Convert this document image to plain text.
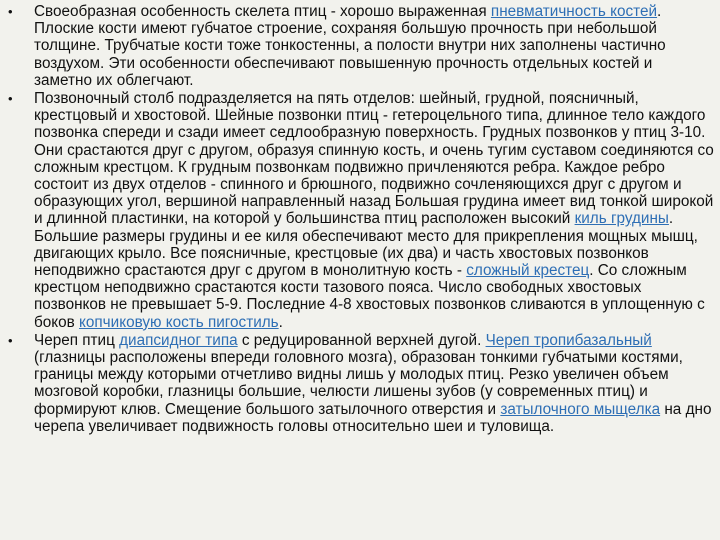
• Своеобразная особенность скелета птиц - хорошо выраженная пневматичность костей. Плоские кости имеют губчатое строение, сохраняя большую прочность при небольшой толщине. Трубчатые кости тоже тонкостенны, а полости внутри них заполнены частично воздухом. Эти особенности обеспечивают повышенную прочность отдельных костей и заметно их облегчают.
• Позвоночный столб подразделяется на пять отделов: шейный, грудной, поясничный, крестцовый и хвостовой. Шейные позвонки птиц - гетероцельного типа, длинное тело каждого позвонка спереди и сзади имеет седлообразную поверхность. Грудных позвонков у птиц 3-10. Они срастаются друг с другом, образуя спинную кость, и очень тугим суставом соединяются со сложным крестцом. К грудным позвонкам подвижно причленяются ребра. Каждое ребро состоит из двух отделов - спинного и брюшного, подвижно сочленяющихся друг с другом и образующих угол, вершиной направленный назад Большая грудина имеет вид тонкой широкой и длинной пластинки, на которой у большинства птиц расположен высокий киль грудины. Большие размеры грудины и ее киля обеспечивают место для прикрепления мощных мышц, двигающих крыло. Все поясничные, крестцовые (их два) и часть хвостовых позвонков неподвижно срастаются друг с другом в монолитную кость - сложный крестец. Со сложным крестцом неподвижно срастаются кости тазового пояса. Число свободных хвостовых позвонков не превышает 5-9. Последние 4-8 хвостовых позвонков сливаются в уплощенную с боков копчиковую кость пигостиль.
• Череп птиц диапсидног типа с редуцированной верхней дугой. Череп тропибазальный (глазницы расположены впереди головного мозга), образован тонкими губчатыми костями, границы между которыми отчетливо видны лишь у молодых птиц. Резко увеличен объем мозговой коробки, глазницы большие, челюсти лишены зубов (у современных птиц) и формируют клюв. Смещение большого затылочного отверстия и затылочного мыщелка на дно черепа увеличивает подвижность головы относительно шеи и туловища.
